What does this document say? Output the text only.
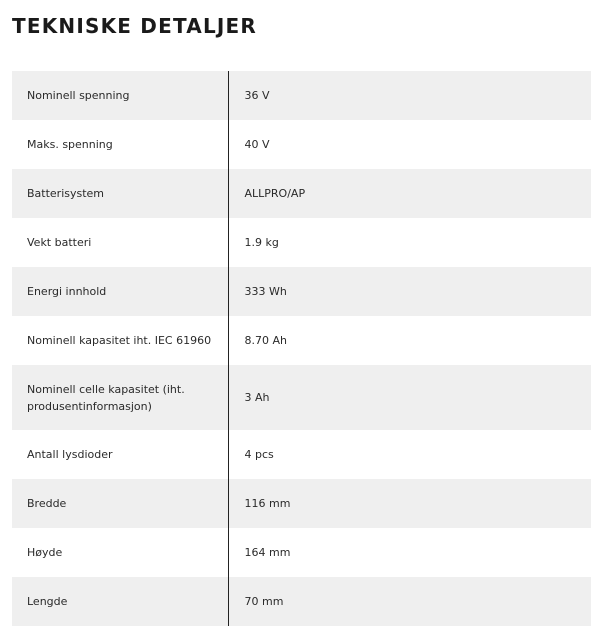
TEKNISKE DETALJER
Nominell spenning	36 V
Maks. spenning	40 V
Batterisystem	ALLPRO/AP
Vekt batteri	1.9 kg
Energi innhold	333 Wh
Nominell kapasitet iht. IEC 61960	8.70 Ah
Nominell celle kapasitet (iht. produsentinformasjon)	3 Ah
Antall lysdioder	4 pcs
Bredde	116 mm
Høyde	164 mm
Lengde	70 mm
